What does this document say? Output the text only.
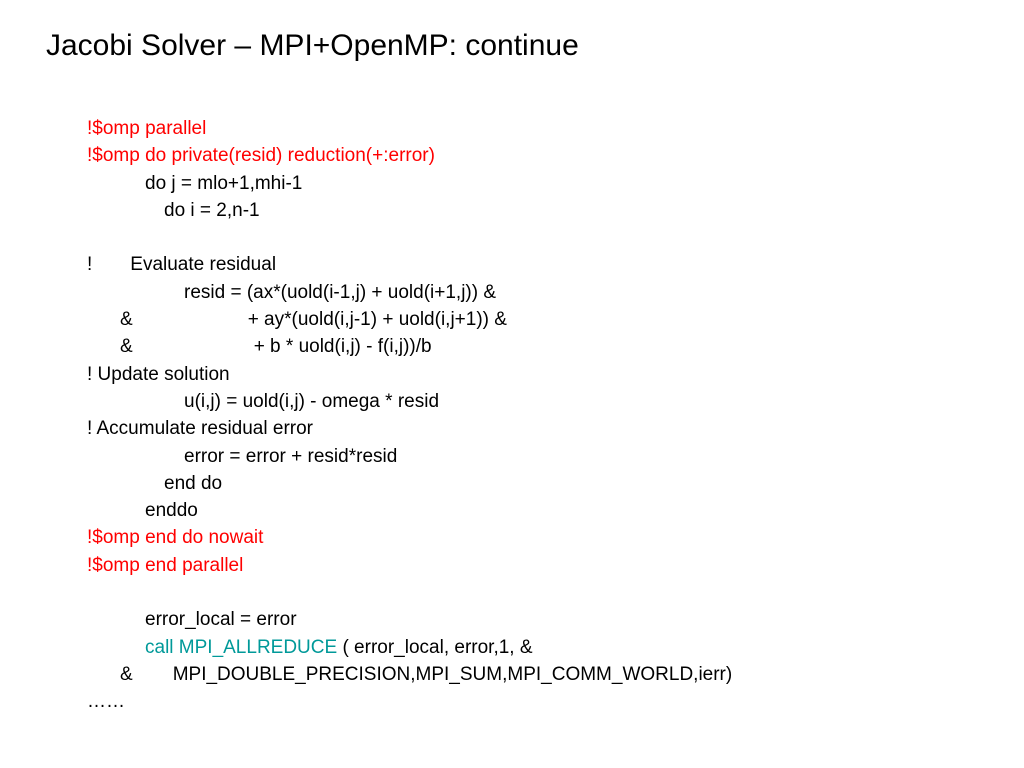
Jacobi Solver – MPI+OpenMP: continue
!$omp parallel
!$omp do private(resid) reduction(+:error)
do j = mlo+1,mhi-1
do i = 2,n-1
! Evaluate residual
resid = (ax*(uold(i-1,j) + uold(i+1,j)) &
&	+ ay*(uold(i,j-1) + uold(i,j+1)) &
&	+ b * uold(i,j) - f(i,j))/b
! Update solution
u(i,j) = uold(i,j) - omega * resid
! Accumulate residual error
error = error + resid*resid
end do
enddo
!$omp end do nowait
!$omp end parallel
error_local = error
call MPI_ALLREDUCE ( error_local, error,1, &
& MPI_DOUBLE_PRECISION,MPI_SUM,MPI_COMM_WORLD,ierr)
……
